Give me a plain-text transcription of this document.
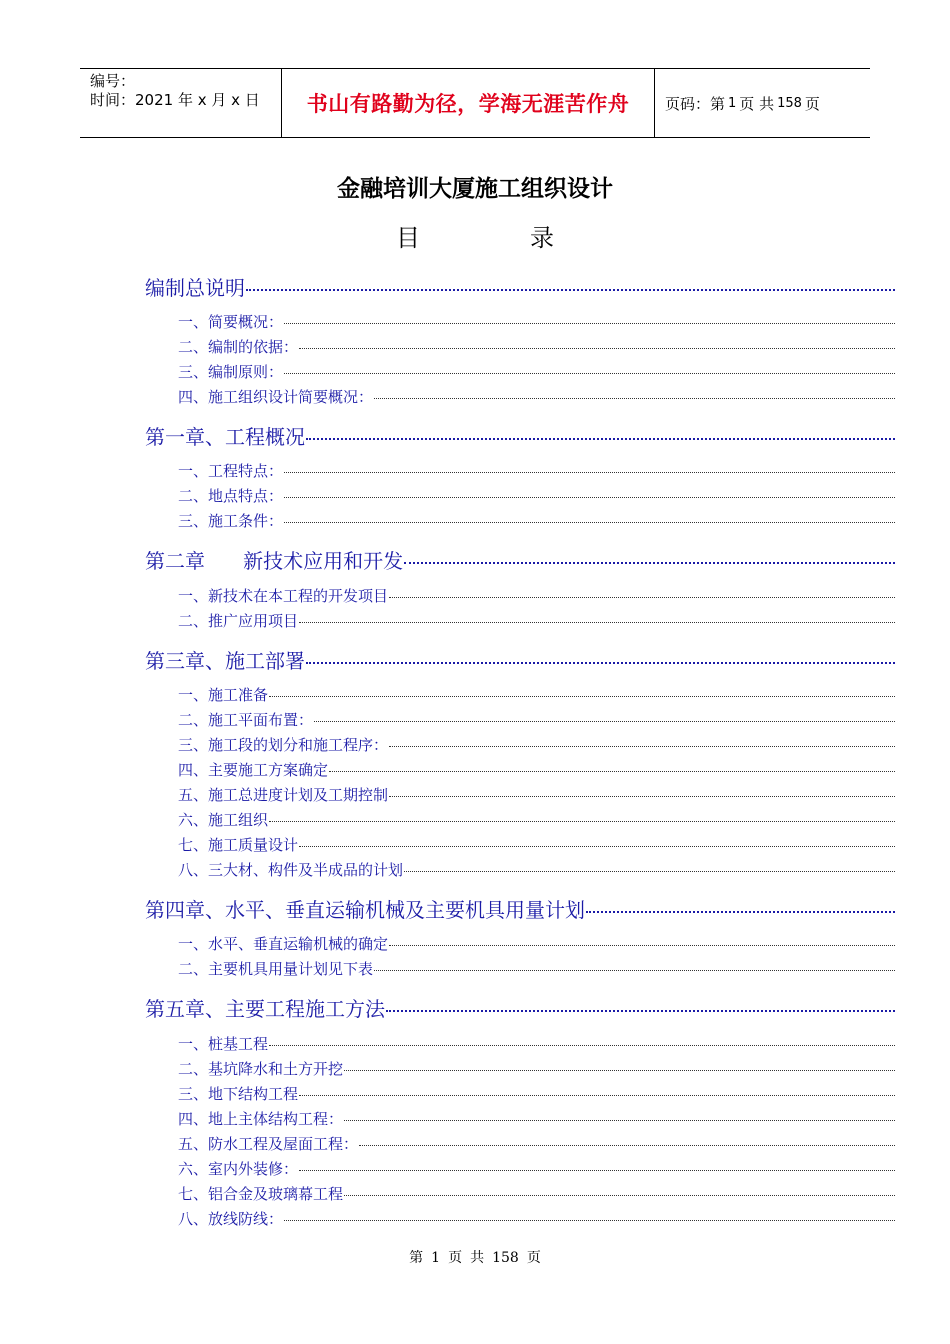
编号：
时间：2021 年 x 月 x 日	书山有路勤为径，学海无涯苦作舟 页码：第 1 页 共 158 页
金融培训大厦施工组织设计
目	录
编制总说明
一、简要概况：
二、编制的依据：
三、编制原则：
四、施工组织设计简要概况：
第一章、工程概况
一、工程特点：
二、地点特点：
三、施工条件：
第二章      新技术应用和开发
一、新技术在本工程的开发项目
二、推广应用项目
第三章、施工部署
一、施工准备
二、施工平面布置：
三、施工段的划分和施工程序：
四、主要施工方案确定
五、施工总进度计划及工期控制
六、施工组织
七、施工质量设计
八、三大材、构件及半成品的计划
第四章、水平、垂直运输机械及主要机具用量计划
一、水平、垂直运输机械的确定
二、主要机具用量计划见下表
第五章、主要工程施工方法
一、桩基工程
二、基坑降水和土方开挖
三、地下结构工程
四、地上主体结构工程：
五、防水工程及屋面工程：
六、室内外装修：
七、铝合金及玻璃幕工程
八、放线防线：
第 1 页 共 158 页
